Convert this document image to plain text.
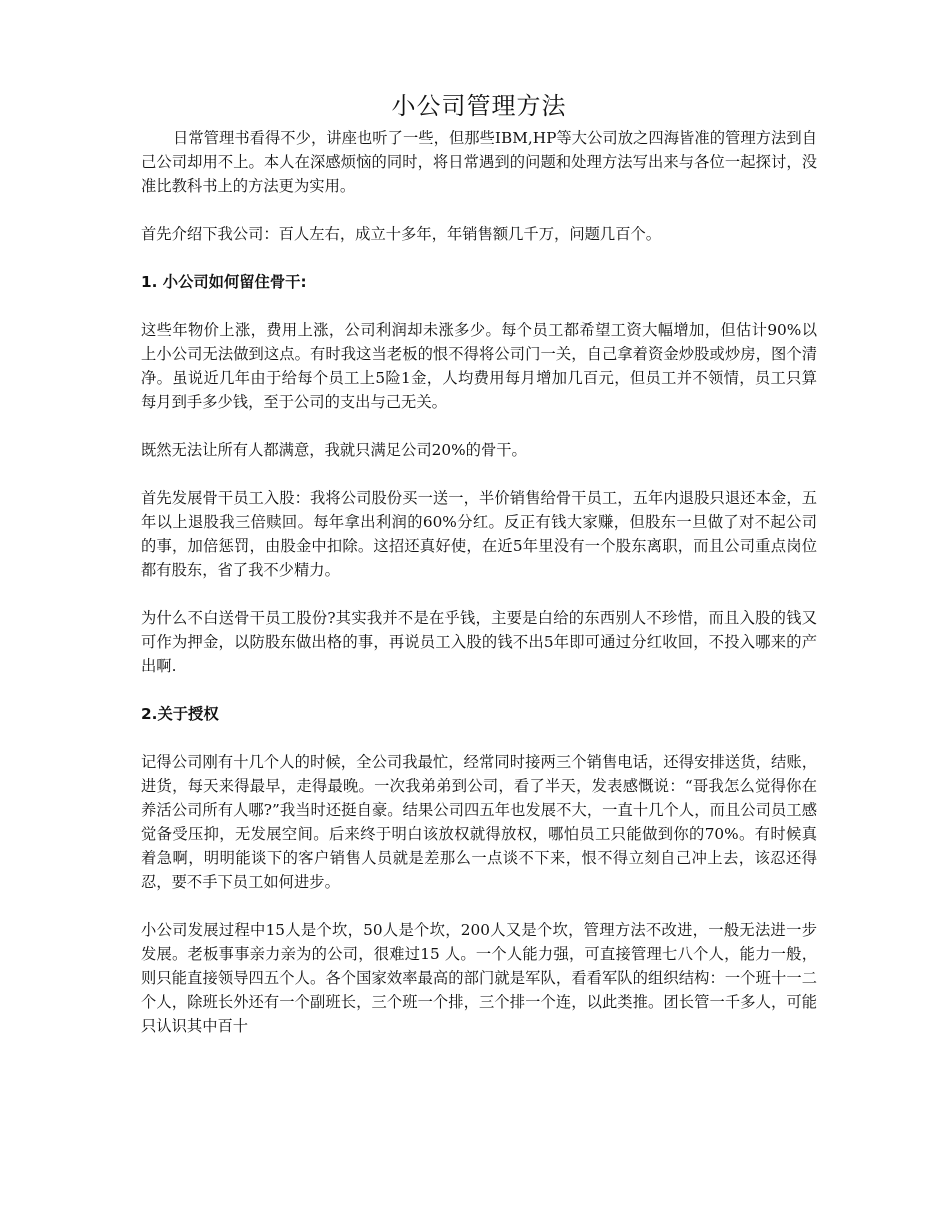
小公司管理方法

日常管理书看得不少，讲座也听了一些，但那些IBM,HP等大公司放之四海皆准的管理方法到自己公司却用不上。本人在深感烦恼的同时，将日常遇到的问题和处理方法写出来与各位一起探讨，没准比教科书上的方法更为实用。

首先介绍下我公司：百人左右，成立十多年，年销售额几千万，问题几百个。

1. 小公司如何留住骨干:

这些年物价上涨，费用上涨，公司利润却未涨多少。每个员工都希望工资大幅增加，但估计90%以上小公司无法做到这点。有时我这当老板的恨不得将公司门一关，自己拿着资金炒股或炒房，图个清净。虽说近几年由于给每个员工上5险1金，人均费用每月增加几百元，但员工并不领情，员工只算每月到手多少钱，至于公司的支出与己无关。

既然无法让所有人都满意，我就只满足公司20%的骨干。

首先发展骨干员工入股：我将公司股份买一送一，半价销售给骨干员工，五年内退股只退还本金，五年以上退股我三倍赎回。每年拿出利润的60%分红。反正有钱大家赚，但股东一旦做了对不起公司的事，加倍惩罚，由股金中扣除。这招还真好使，在近5年里没有一个股东离职，而且公司重点岗位都有股东，省了我不少精力。

为什么不白送骨干员工股份?其实我并不是在乎钱，主要是白给的东西别人不珍惜，而且入股的钱又可作为押金，以防股东做出格的事，再说员工入股的钱不出5年即可通过分红收回，不投入哪来的产出啊.

2.关于授权

记得公司刚有十几个人的时候，全公司我最忙，经常同时接两三个销售电话，还得安排送货，结账，进货，每天来得最早，走得最晚。一次我弟弟到公司，看了半天，发表感慨说：“哥我怎么觉得你在养活公司所有人哪?”我当时还挺自豪。结果公司四五年也发展不大，一直十几个人，而且公司员工感觉备受压抑，无发展空间。后来终于明白该放权就得放权，哪怕员工只能做到你的70%。有时候真着急啊，明明能谈下的客户销售人员就是差那么一点谈不下来，恨不得立刻自己冲上去，该忍还得忍，要不手下员工如何进步。

小公司发展过程中15人是个坎，50人是个坎，200人又是个坎，管理方法不改进，一般无法进一步发展。老板事事亲力亲为的公司，很难过15 人。一个人能力强，可直接管理七八个人，能力一般，则只能直接领导四五个人。各个国家效率最高的部门就是军队，看看军队的组织结构：一个班十一二个人，除班长外还有一个副班长，三个班一个排，三个排一个连，以此类推。团长管一千多人，可能只认识其中百十
